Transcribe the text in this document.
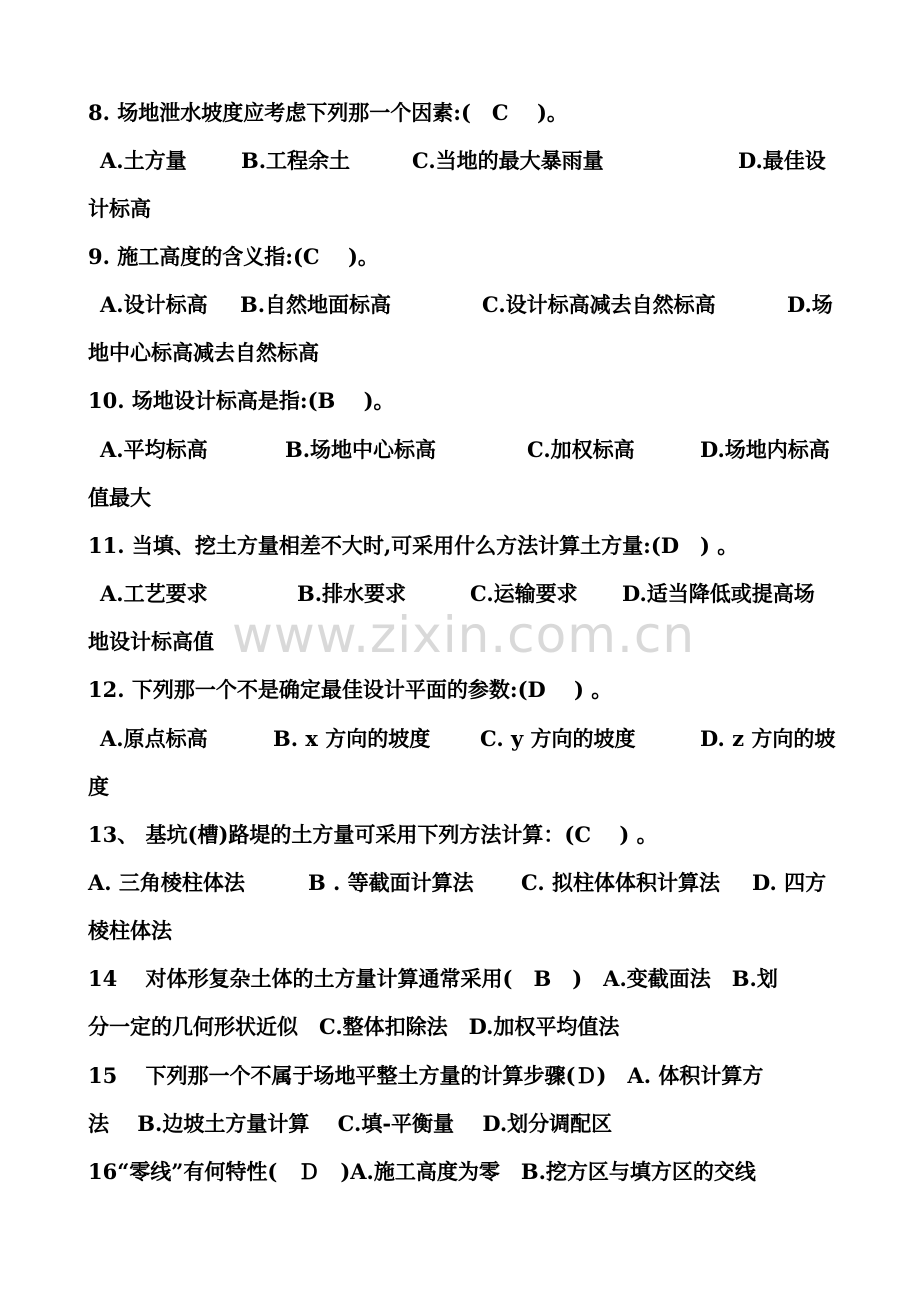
8. 场地泄水坡度应考虑下列那一个因素:(　C　 )。
A.土方量	B.工程余土	C.当地的最大暴雨量	D.最佳设
计标高
9. 施工高度的含义指:(C　 )。
A.设计标高 B.自然地面标高	C.设计标高减去自然标高	D.场
地中心标高减去自然标高
10. 场地设计标高是指:(B　 )。
A.平均标高	B.场地中心标高	C.加权标高	D.场地内标高
值最大
11. 当填、挖土方量相差不大时,可采用什么方法计算土方量:(D　) 。
A.工艺要求	B.排水要求	C.运输要求 D.适当降低或提高场
地设计标高值
12. 下列那一个不是确定最佳设计平面的参数:(D　 ) 。
A.原点标高	B. x 方向的坡度 C. y 方向的坡度	D. z 方向的坡
度
13、 基坑(槽)路堤的土方量可采用下列方法计算：(C　 ) 。
A. 三角棱柱体法	B . 等截面计算法 C. 拟柱体体积计算法 D. 四方
棱柱体法
14　 对体形复杂土体的土方量计算通常采用(　B　)　A.变截面法　B.划
分一定的几何形状近似　C.整体扣除法　D.加权平均值法
15　 下列那一个不属于场地平整土方量的计算步骤(Ｄ)　A. 体积计算方
法　 B.边坡土方量计算　 C.填-平衡量　 D.划分调配区
16“零线”有何特性(　Ｄ　)A.施工高度为零　B.挖方区与填方区的交线
www.zixin.com.cn
